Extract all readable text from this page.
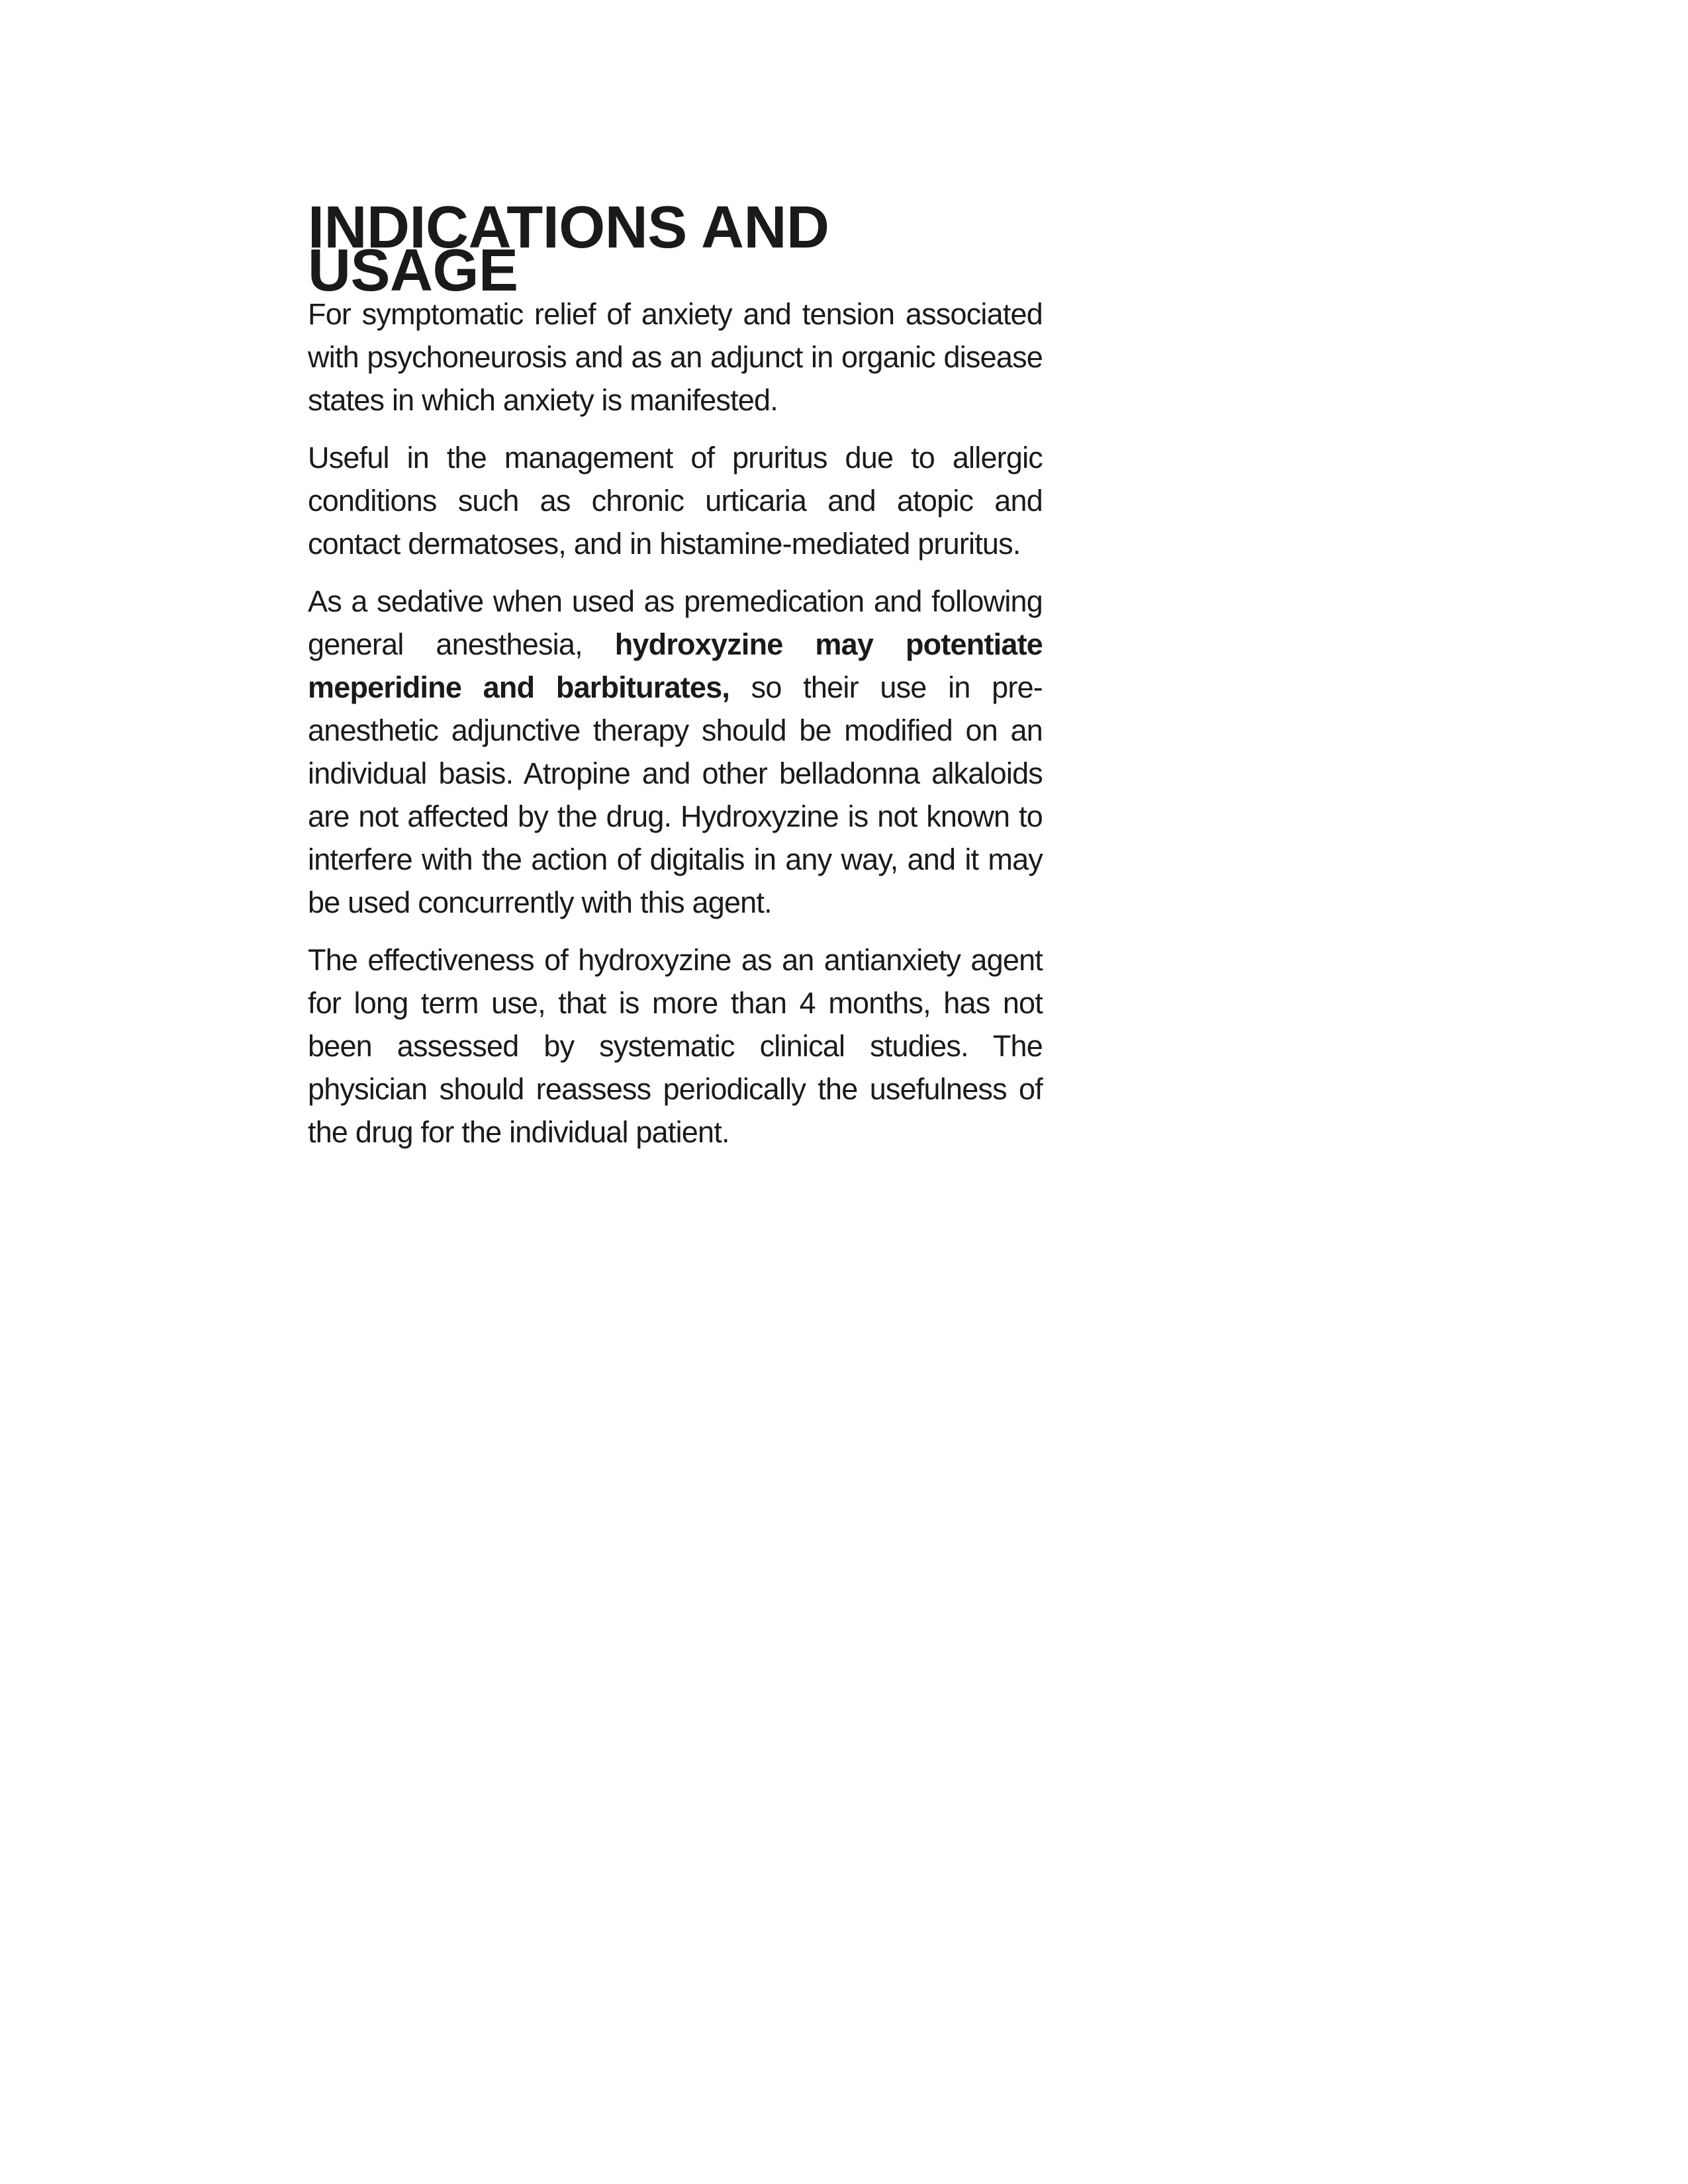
INDICATIONS AND USAGE

For symptomatic relief of anxiety and tension associated with psychoneurosis and as an adjunct in organic disease states in which anxiety is manifested.

Useful in the management of pruritus due to allergic conditions such as chronic urticaria and atopic and contact dermatoses, and in histamine-mediated pruritus.

As a sedative when used as premedication and following general anesthesia, hydroxyzine may potentiate meperidine and barbiturates, so their use in pre-anesthetic adjunctive therapy should be modified on an individual basis. Atropine and other belladonna alkaloids are not affected by the drug. Hydroxyzine is not known to interfere with the action of digitalis in any way, and it may be used concurrently with this agent.

The effectiveness of hydroxyzine as an antianxiety agent for long term use, that is more than 4 months, has not been assessed by systematic clinical studies. The physician should reassess periodically the usefulness of the drug for the individual patient.
